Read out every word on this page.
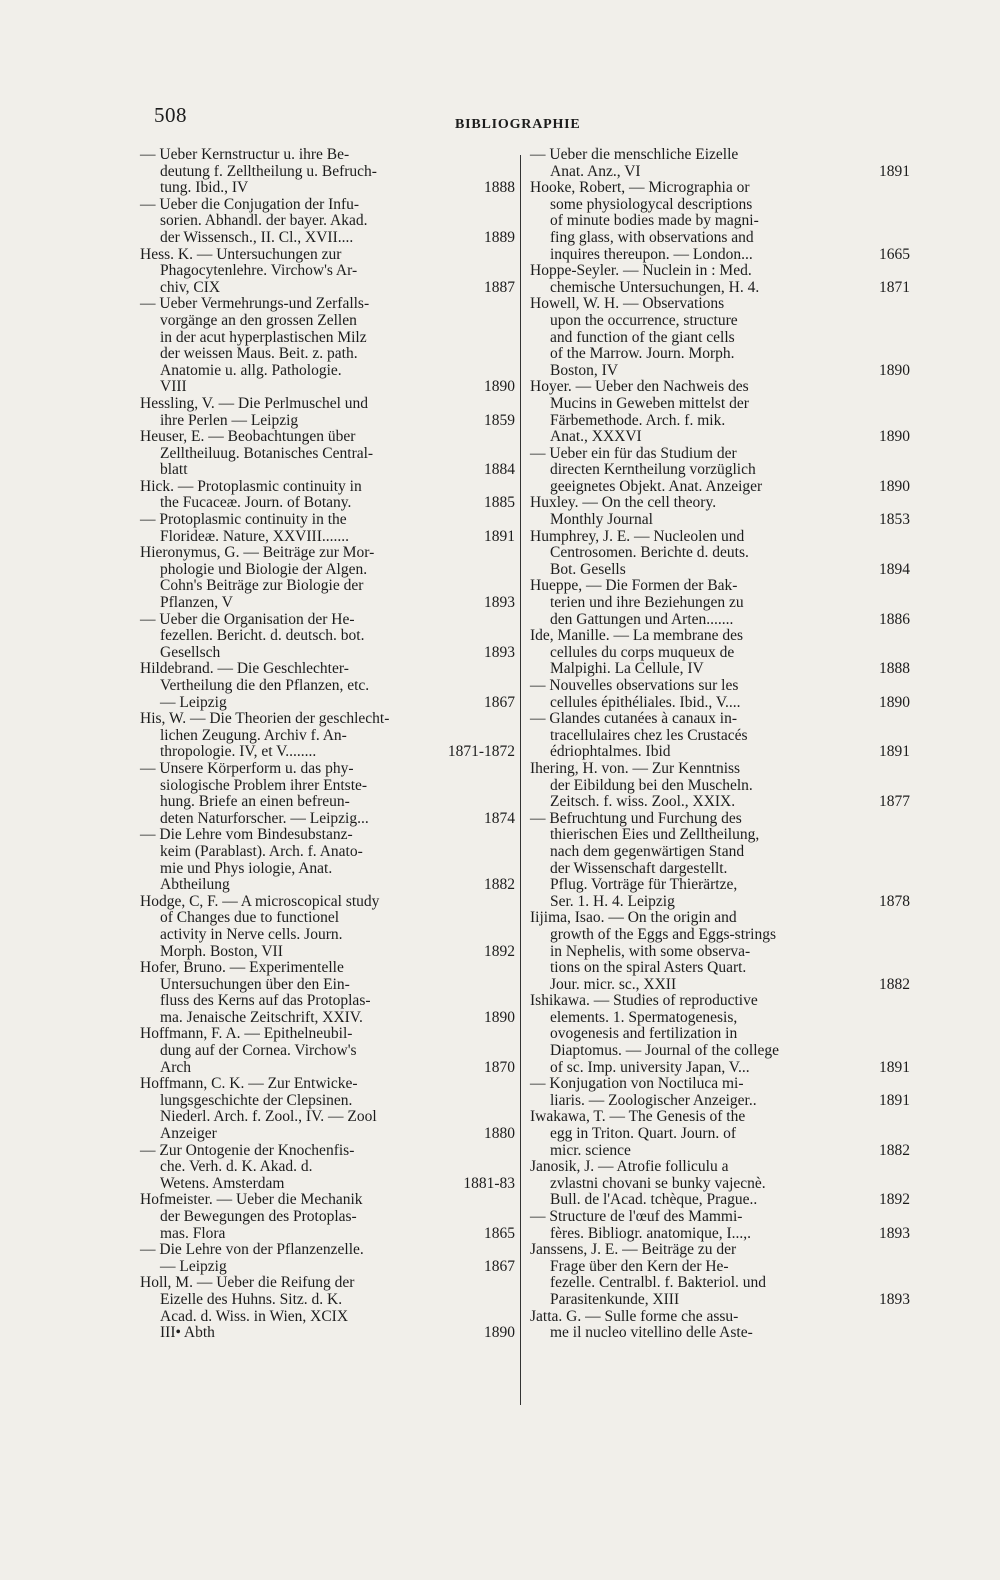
508	BIBLIOGRAPHIE
— Ueber Kernstructur u. ihre Be-
deutung f. Zelltheilung u. Befruch-
tung. Ibid., IV	1888
— Ueber die Conjugation der Infu-
sorien. Abhandl. der bayer. Akad.
der Wissensch., II. Cl., XVII....	1889
Hess. K. — Untersuchungen zur
Phagocytenlehre. Virchow's Ar-
chiv, CIX	1887
— Ueber Vermehrungs-und Zerfalls-
vorgänge an den grossen Zellen
in der acut hyperplastischen Milz
der weissen Maus. Beit. z. path.
Anatomie u. allg. Pathologie.
VIII	1890
Hessling, V. — Die Perlmuschel und
ihre Perlen — Leipzig	1859
Heuser, E. — Beobachtungen über
Zelltheiluug. Botanisches Central-
blatt	1884
Hick. — Protoplasmic continuity in
the Fucaceæ. Journ. of Botany.	1885
— Protoplasmic continuity in the
Florideæ. Nature, XXVIII.......	1891
Hieronymus, G. — Beiträge zur Mor-
phologie und Biologie der Algen.
Cohn's Beiträge zur Biologie der
Pflanzen, V	1893
— Ueber die Organisation der He-
fezellen. Bericht. d. deutsch. bot.
Gesellsch	1893
Hildebrand. — Die Geschlechter-
Vertheilung die den Pflanzen, etc.
— Leipzig	1867
His, W. — Die Theorien der geschlecht-
lichen Zeugung. Archiv f. An-
thropologie. IV, et V........	1871-1872
— Unsere Körperform u. das phy-
siologische Problem ihrer Entste-
hung. Briefe an einen befreun-
deten Naturforscher. — Leipzig...	1874
— Die Lehre vom Bindesubstanz-
keim (Parablast). Arch. f. Anato-
mie und Phys iologie, Anat.
Abtheilung	1882
Hodge, C, F. — A microscopical study
of Changes due to functionel
activity in Nerve cells. Journ.
Morph. Boston, VII	1892
Hofer, Bruno. — Experimentelle
Untersuchungen über den Ein-
fluss des Kerns auf das Protoplas-
ma. Jenaische Zeitschrift, XXIV.	1890
Hoffmann, F. A. — Epithelneubil-
dung auf der Cornea. Virchow's
Arch	1870
Hoffmann, C. K. — Zur Entwicke-
lungsgeschichte der Clepsinen.
Niederl. Arch. f. Zool., IV. — Zool
Anzeiger	1880
— Zur Ontogenie der Knochenfis-
che. Verh. d. K. Akad. d.
Wetens. Amsterdam	1881-83
Hofmeister. — Ueber die Mechanik
der Bewegungen des Protoplas-
mas. Flora	1865
— Die Lehre von der Pflanzenzelle.
— Leipzig	1867
Holl, M. — Ueber die Reifung der
Eizelle des Huhns. Sitz. d. K.
Acad. d. Wiss. in Wien, XCIX
III• Abth	1890
— Ueber die menschliche Eizelle
Anat. Anz., VI	1891
Hooke, Robert, — Micrographia or
some physiologycal descriptions
of minute bodies made by magni-
fing glass, with observations and
inquires thereupon. — London...	1665
Hoppe-Seyler. — Nuclein in : Med.
chemische Untersuchungen, H. 4.	1871
Howell, W. H. — Observations
upon the occurrence, structure
and function of the giant cells
of the Marrow. Journ. Morph.
Boston, IV	1890
Hoyer. — Ueber den Nachweis des
Mucins in Geweben mittelst der
Färbemethode. Arch. f. mik.
Anat., XXXVI	1890
— Ueber ein für das Studium der
directen Kerntheilung vorzüglich
geeignetes Objekt. Anat. Anzeiger	1890
Huxley. — On the cell theory.
Monthly Journal	1853
Humphrey, J. E. — Nucleolen und
Centrosomen. Berichte d. deuts.
Bot. Gesells	1894
Hueppe, — Die Formen der Bak-
terien und ihre Beziehungen zu
den Gattungen und Arten.......	1886
Ide, Manille. — La membrane des
cellules du corps muqueux de
Malpighi. La Cellule, IV	1888
— Nouvelles observations sur les
cellules épithéliales. Ibid., V....	1890
— Glandes cutanées à canaux in-
tracellulaires chez les Crustacés
édriophtalmes. Ibid	1891
Ihering, H. von. — Zur Kenntniss
der Eibildung bei den Muscheln.
Zeitsch. f. wiss. Zool., XXIX.	1877
— Befruchtung und Furchung des
thierischen Eies und Zelltheilung,
nach dem gegenwärtigen Stand
der Wissenschaft dargestellt.
Pflug. Vorträge für Thierärtze,
Ser. 1. H. 4. Leipzig	1878
Iijima, Isao. — On the origin and
growth of the Eggs and Eggs-strings
in Nephelis, with some observa-
tions on the spiral Asters Quart.
Jour. micr. sc., XXII	1882
Ishikawa. — Studies of reproductive
elements. 1. Spermatogenesis,
ovogenesis and fertilization in
Diaptomus. — Journal of the college
of sc. Imp. university Japan, V...	1891
— Konjugation von Noctiluca mi-
liaris. — Zoologischer Anzeiger..	1891
Iwakawa, T. — The Genesis of the
egg in Triton. Quart. Journ. of
micr. science	1882
Janosik, J. — Atrofie folliculu a
zvlastni chovani se bunky vajecnè.
Bull. de l'Acad. tchèque, Prague..	1892
— Structure de l'œuf des Mammi-
fères. Bibliogr. anatomique, I...,.	1893
Janssens, J. E. — Beiträge zu der
Frage über den Kern der He-
fezelle. Centralbl. f. Bakteriol. und
Parasitenkunde, XIII	1893
Jatta. G. — Sulle forme che assu-
me il nucleo vitellino delle Aste-
